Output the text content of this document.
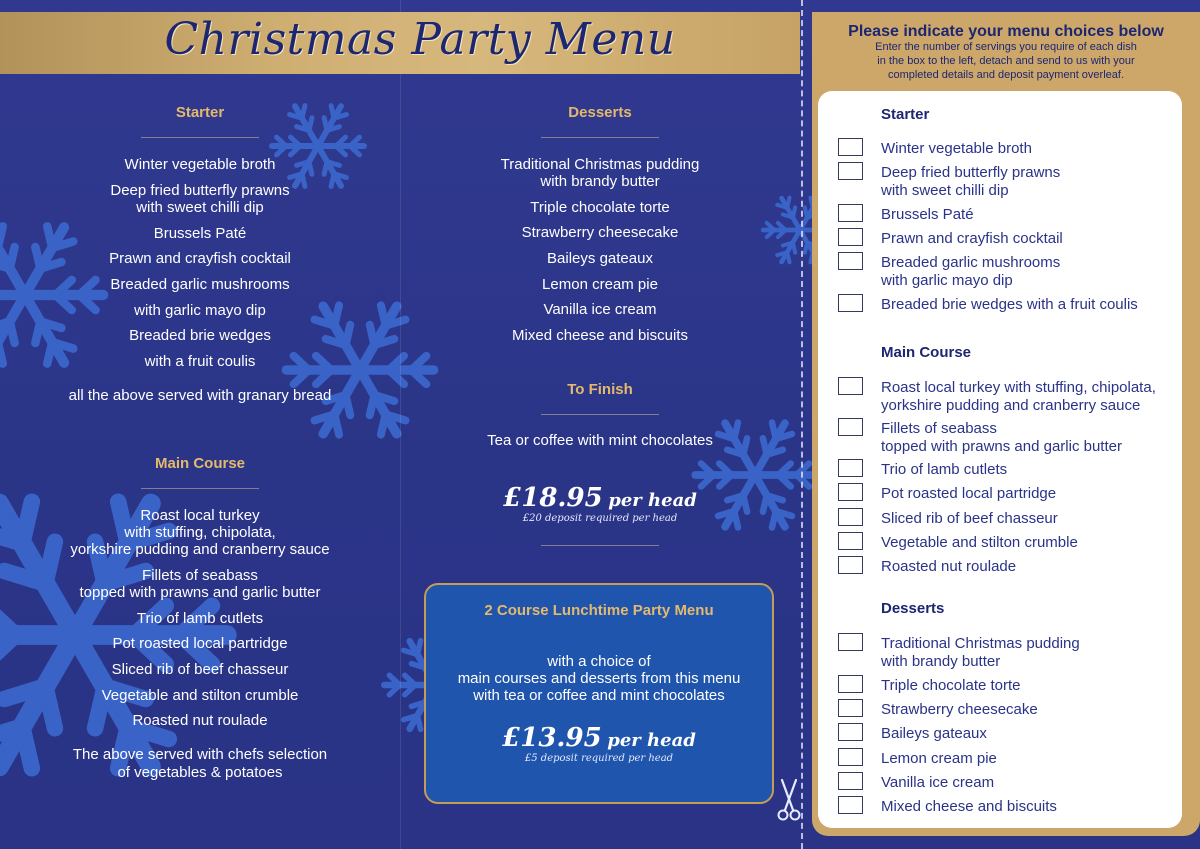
Christmas Party Menu
Starter
Winter vegetable broth
Deep fried butterfly prawns
with sweet chilli dip
Brussels Paté
Prawn and crayfish cocktail
Breaded garlic mushrooms
with garlic mayo dip
Breaded brie wedges
with a fruit coulis
all the above served with granary bread
Main Course
Roast local turkey
with stuffing, chipolata,
yorkshire pudding and cranberry sauce
Fillets of seabass
topped with prawns and garlic butter
Trio of lamb cutlets
Pot roasted local partridge
Sliced rib of beef chasseur
Vegetable and stilton crumble
Roasted nut roulade
The above served with chefs selection
of vegetables & potatoes
Desserts
Traditional Christmas pudding
with brandy butter
Triple chocolate torte
Strawberry cheesecake
Baileys gateaux
Lemon cream pie
Vanilla ice cream
Mixed cheese and biscuits
To Finish
Tea or coffee with mint chocolates
£18.95 per head
£20 deposit required per head
2 Course Lunchtime Party Menu
with a choice of
main courses and desserts from this menu
with tea or coffee and mint chocolates
£13.95 per head
£5 deposit required per head
Please indicate your menu choices below
Enter the number of servings you require of each dish
in the box to the left, detach and send to us with your
completed details and deposit payment overleaf.
Starter
Winter vegetable broth
Deep fried butterfly prawns
with sweet chilli dip
Brussels Paté
Prawn and crayfish cocktail
Breaded garlic mushrooms
with garlic mayo dip
Breaded brie wedges with a fruit coulis
Main Course
Roast local turkey with stuffing, chipolata,
yorkshire pudding and cranberry sauce
Fillets of seabass
topped with prawns and garlic butter
Trio of lamb cutlets
Pot roasted local partridge
Sliced rib of beef chasseur
Vegetable and stilton crumble
Roasted nut roulade
Desserts
Traditional Christmas pudding
with brandy butter
Triple chocolate torte
Strawberry cheesecake
Baileys gateaux
Lemon cream pie
Vanilla ice cream
Mixed cheese and biscuits
